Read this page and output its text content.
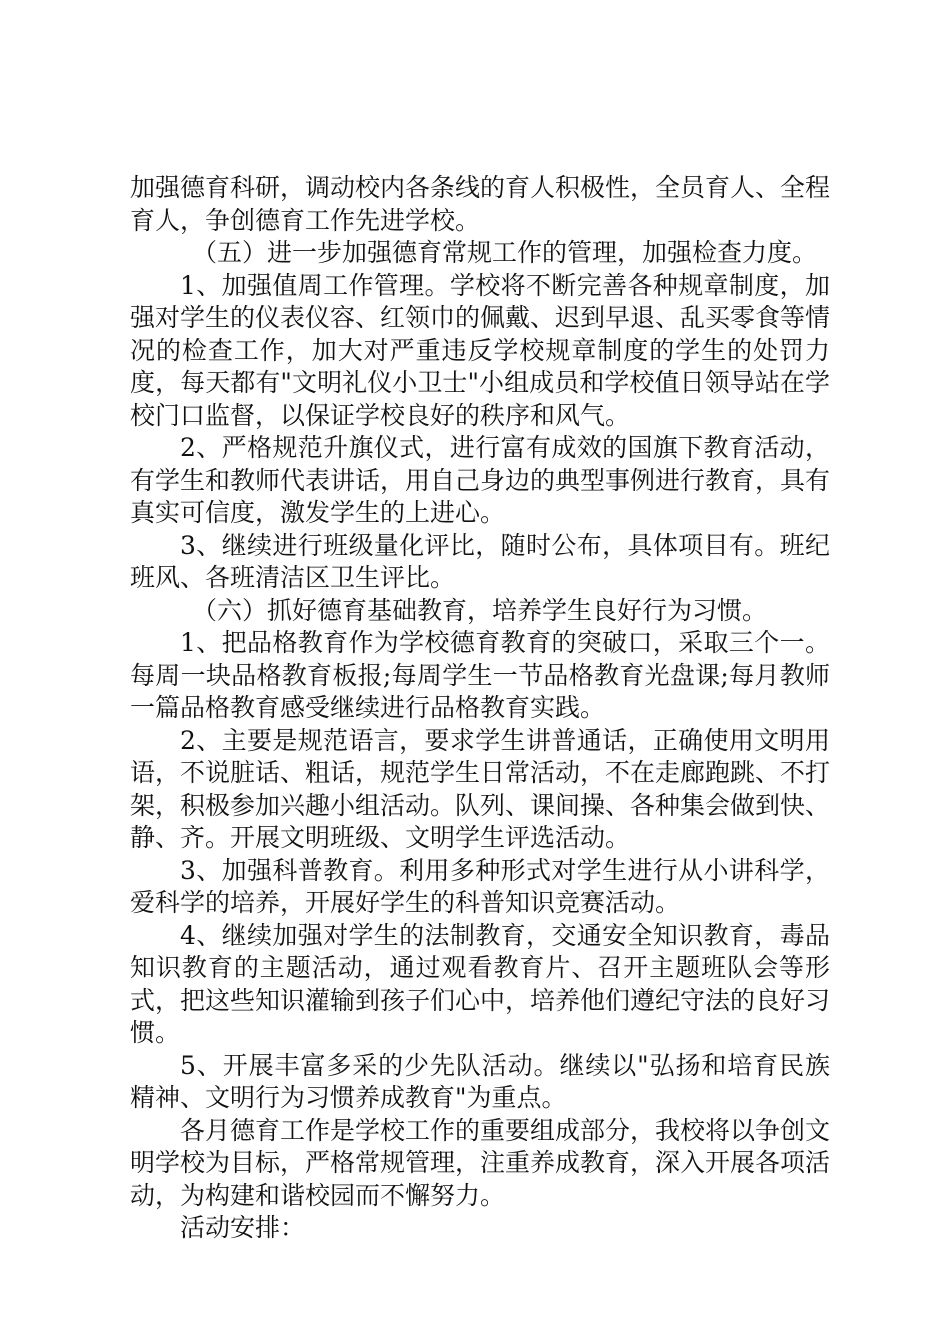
加强德育科研，调动校内各条线的育人积极性，全员育人、全程育人，争创德育工作先进学校。

（五）进一步加强德育常规工作的管理，加强检查力度。

1、加强值周工作管理。学校将不断完善各种规章制度，加强对学生的仪表仪容、红领巾的佩戴、迟到早退、乱买零食等情况的检查工作，加大对严重违反学校规章制度的学生的处罚力度，每天都有"文明礼仪小卫士"小组成员和学校值日领导站在学校门口监督，以保证学校良好的秩序和风气。

2、严格规范升旗仪式，进行富有成效的国旗下教育活动，有学生和教师代表讲话，用自己身边的典型事例进行教育，具有真实可信度，激发学生的上进心。

3、继续进行班级量化评比，随时公布，具体项目有。班纪班风、各班清洁区卫生评比。

（六）抓好德育基础教育，培养学生良好行为习惯。

1、把品格教育作为学校德育教育的突破口，采取三个一。每周一块品格教育板报;每周学生一节品格教育光盘课;每月教师一篇品格教育感受继续进行品格教育实践。

2、主要是规范语言，要求学生讲普通话，正确使用文明用语，不说脏话、粗话，规范学生日常活动，不在走廊跑跳、不打架，积极参加兴趣小组活动。队列、课间操、各种集会做到快、静、齐。开展文明班级、文明学生评选活动。

3、加强科普教育。利用多种形式对学生进行从小讲科学，爱科学的培养，开展好学生的科普知识竞赛活动。

4、继续加强对学生的法制教育，交通安全知识教育，毒品知识教育的主题活动，通过观看教育片、召开主题班队会等形式，把这些知识灌输到孩子们心中，培养他们遵纪守法的良好习惯。

5、开展丰富多采的少先队活动。继续以"弘扬和培育民族精神、文明行为习惯养成教育"为重点。

各月德育工作是学校工作的重要组成部分，我校将以争创文明学校为目标，严格常规管理，注重养成教育，深入开展各项活动，为构建和谐校园而不懈努力。

活动安排：
